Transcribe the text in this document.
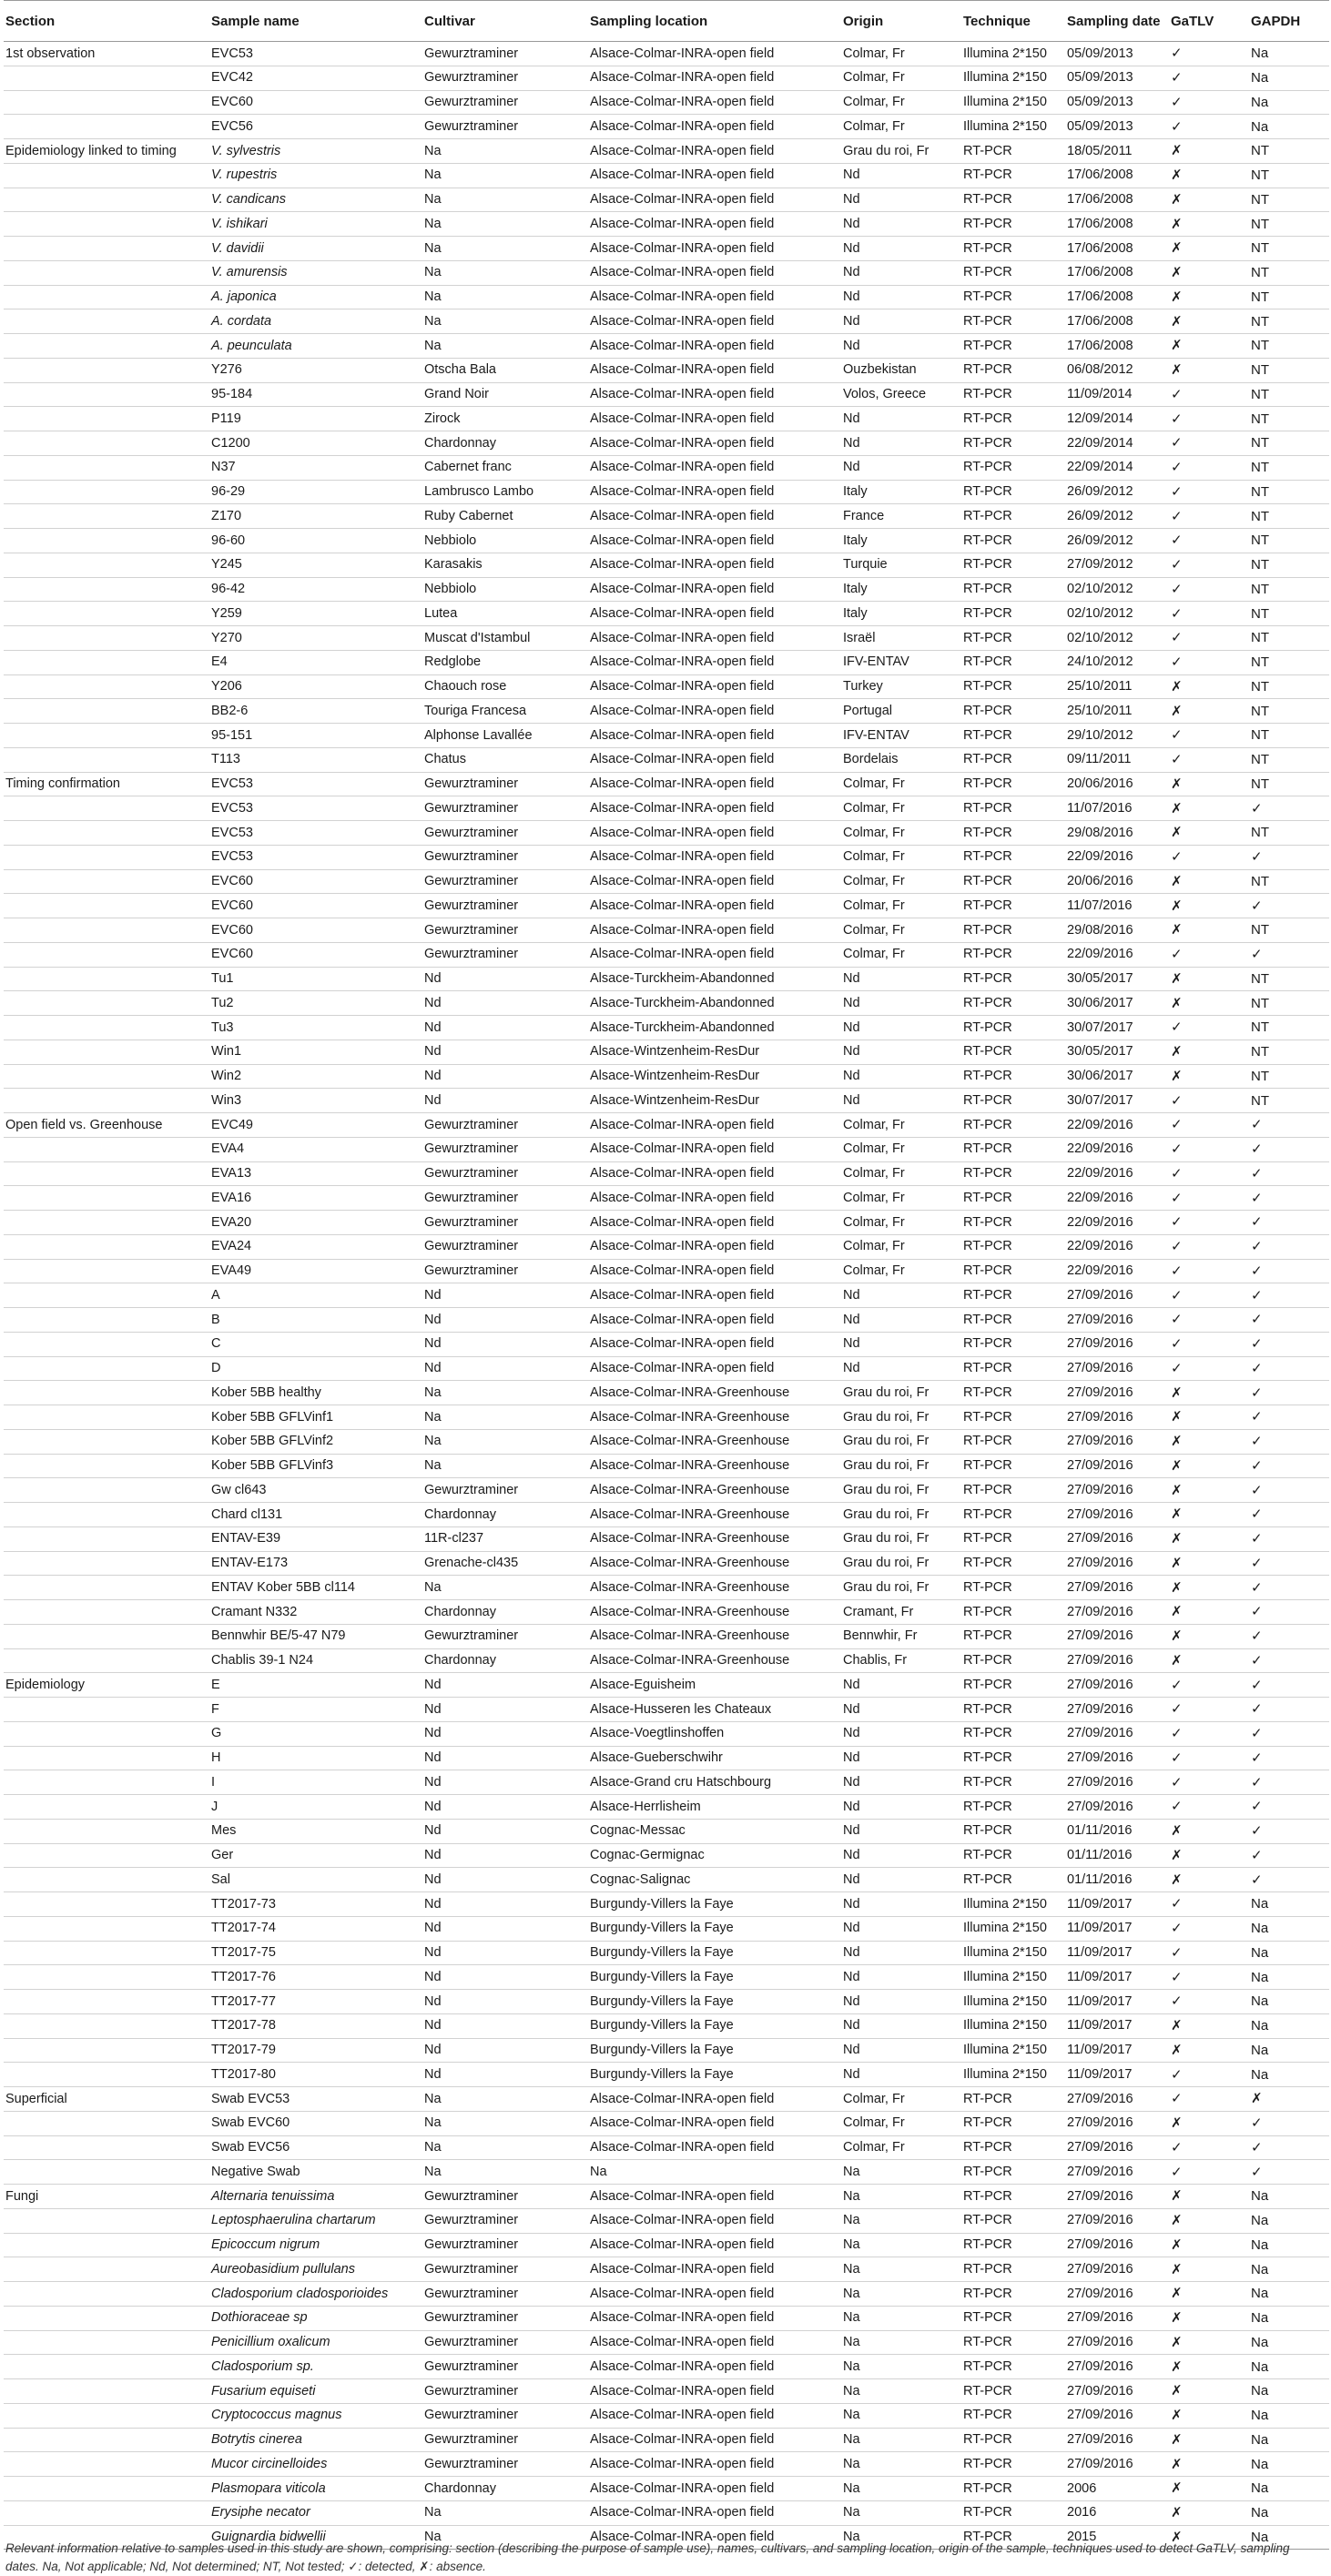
Section	Sample name	Cultivar	Sampling location	Origin	Technique	Sampling date	GaTLV	GAPDH
1st observation	EVC53	Gewurztraminer	Alsace-Colmar-INRA-open field	Colmar, Fr	Illumina 2*150	05/09/2013	✓	Na
	EVC42	Gewurztraminer	Alsace-Colmar-INRA-open field	Colmar, Fr	Illumina 2*150	05/09/2013	✓	Na
	EVC60	Gewurztraminer	Alsace-Colmar-INRA-open field	Colmar, Fr	Illumina 2*150	05/09/2013	✓	Na
	EVC56	Gewurztraminer	Alsace-Colmar-INRA-open field	Colmar, Fr	Illumina 2*150	05/09/2013	✓	Na
Epidemiology linked to timing	V. sylvestris	Na	Alsace-Colmar-INRA-open field	Grau du roi, Fr	RT-PCR	18/05/2011	✗	NT
	V. rupestris	Na	Alsace-Colmar-INRA-open field	Nd	RT-PCR	17/06/2008	✗	NT
	V. candicans	Na	Alsace-Colmar-INRA-open field	Nd	RT-PCR	17/06/2008	✗	NT
	V. ishikari	Na	Alsace-Colmar-INRA-open field	Nd	RT-PCR	17/06/2008	✗	NT
	V. davidii	Na	Alsace-Colmar-INRA-open field	Nd	RT-PCR	17/06/2008	✗	NT
	V. amurensis	Na	Alsace-Colmar-INRA-open field	Nd	RT-PCR	17/06/2008	✗	NT
	A. japonica	Na	Alsace-Colmar-INRA-open field	Nd	RT-PCR	17/06/2008	✗	NT
	A. cordata	Na	Alsace-Colmar-INRA-open field	Nd	RT-PCR	17/06/2008	✗	NT
	A. peunculata	Na	Alsace-Colmar-INRA-open field	Nd	RT-PCR	17/06/2008	✗	NT
	Y276	Otscha Bala	Alsace-Colmar-INRA-open field	Ouzbekistan	RT-PCR	06/08/2012	✗	NT
	95-184	Grand Noir	Alsace-Colmar-INRA-open field	Volos, Greece	RT-PCR	11/09/2014	✓	NT
	P119	Zirock	Alsace-Colmar-INRA-open field	Nd	RT-PCR	12/09/2014	✓	NT
	C1200	Chardonnay	Alsace-Colmar-INRA-open field	Nd	RT-PCR	22/09/2014	✓	NT
	N37	Cabernet franc	Alsace-Colmar-INRA-open field	Nd	RT-PCR	22/09/2014	✓	NT
	96-29	Lambrusco Lambo	Alsace-Colmar-INRA-open field	Italy	RT-PCR	26/09/2012	✓	NT
	Z170	Ruby Cabernet	Alsace-Colmar-INRA-open field	France	RT-PCR	26/09/2012	✓	NT
	96-60	Nebbiolo	Alsace-Colmar-INRA-open field	Italy	RT-PCR	26/09/2012	✓	NT
	Y245	Karasakis	Alsace-Colmar-INRA-open field	Turquie	RT-PCR	27/09/2012	✓	NT
	96-42	Nebbiolo	Alsace-Colmar-INRA-open field	Italy	RT-PCR	02/10/2012	✓	NT
	Y259	Lutea	Alsace-Colmar-INRA-open field	Italy	RT-PCR	02/10/2012	✓	NT
	Y270	Muscat d'Istambul	Alsace-Colmar-INRA-open field	Israël	RT-PCR	02/10/2012	✓	NT
	E4	Redglobe	Alsace-Colmar-INRA-open field	IFV-ENTAV	RT-PCR	24/10/2012	✓	NT
	Y206	Chaouch rose	Alsace-Colmar-INRA-open field	Turkey	RT-PCR	25/10/2011	✗	NT
	BB2-6	Touriga Francesa	Alsace-Colmar-INRA-open field	Portugal	RT-PCR	25/10/2011	✗	NT
	95-151	Alphonse Lavallée	Alsace-Colmar-INRA-open field	IFV-ENTAV	RT-PCR	29/10/2012	✓	NT
	T113	Chatus	Alsace-Colmar-INRA-open field	Bordelais	RT-PCR	09/11/2011	✓	NT
Timing confirmation	EVC53	Gewurztraminer	Alsace-Colmar-INRA-open field	Colmar, Fr	RT-PCR	20/06/2016	✗	NT
	EVC53	Gewurztraminer	Alsace-Colmar-INRA-open field	Colmar, Fr	RT-PCR	11/07/2016	✗	✓
	EVC53	Gewurztraminer	Alsace-Colmar-INRA-open field	Colmar, Fr	RT-PCR	29/08/2016	✗	NT
	EVC53	Gewurztraminer	Alsace-Colmar-INRA-open field	Colmar, Fr	RT-PCR	22/09/2016	✓	✓
	EVC60	Gewurztraminer	Alsace-Colmar-INRA-open field	Colmar, Fr	RT-PCR	20/06/2016	✗	NT
	EVC60	Gewurztraminer	Alsace-Colmar-INRA-open field	Colmar, Fr	RT-PCR	11/07/2016	✗	✓
	EVC60	Gewurztraminer	Alsace-Colmar-INRA-open field	Colmar, Fr	RT-PCR	29/08/2016	✗	NT
	EVC60	Gewurztraminer	Alsace-Colmar-INRA-open field	Colmar, Fr	RT-PCR	22/09/2016	✓	✓
	Tu1	Nd	Alsace-Turckheim-Abandonned	Nd	RT-PCR	30/05/2017	✗	NT
	Tu2	Nd	Alsace-Turckheim-Abandonned	Nd	RT-PCR	30/06/2017	✗	NT
	Tu3	Nd	Alsace-Turckheim-Abandonned	Nd	RT-PCR	30/07/2017	✓	NT
	Win1	Nd	Alsace-Wintzenheim-ResDur	Nd	RT-PCR	30/05/2017	✗	NT
	Win2	Nd	Alsace-Wintzenheim-ResDur	Nd	RT-PCR	30/06/2017	✗	NT
	Win3	Nd	Alsace-Wintzenheim-ResDur	Nd	RT-PCR	30/07/2017	✓	NT
Open field vs. Greenhouse	EVC49	Gewurztraminer	Alsace-Colmar-INRA-open field	Colmar, Fr	RT-PCR	22/09/2016	✓	✓
	EVA4	Gewurztraminer	Alsace-Colmar-INRA-open field	Colmar, Fr	RT-PCR	22/09/2016	✓	✓
	EVA13	Gewurztraminer	Alsace-Colmar-INRA-open field	Colmar, Fr	RT-PCR	22/09/2016	✓	✓
	EVA16	Gewurztraminer	Alsace-Colmar-INRA-open field	Colmar, Fr	RT-PCR	22/09/2016	✓	✓
	EVA20	Gewurztraminer	Alsace-Colmar-INRA-open field	Colmar, Fr	RT-PCR	22/09/2016	✓	✓
	EVA24	Gewurztraminer	Alsace-Colmar-INRA-open field	Colmar, Fr	RT-PCR	22/09/2016	✓	✓
	EVA49	Gewurztraminer	Alsace-Colmar-INRA-open field	Colmar, Fr	RT-PCR	22/09/2016	✓	✓
	A	Nd	Alsace-Colmar-INRA-open field	Nd	RT-PCR	27/09/2016	✓	✓
	B	Nd	Alsace-Colmar-INRA-open field	Nd	RT-PCR	27/09/2016	✓	✓
	C	Nd	Alsace-Colmar-INRA-open field	Nd	RT-PCR	27/09/2016	✓	✓
	D	Nd	Alsace-Colmar-INRA-open field	Nd	RT-PCR	27/09/2016	✓	✓
	Kober 5BB healthy	Na	Alsace-Colmar-INRA-Greenhouse	Grau du roi, Fr	RT-PCR	27/09/2016	✗	✓
	Kober 5BB GFLVinf1	Na	Alsace-Colmar-INRA-Greenhouse	Grau du roi, Fr	RT-PCR	27/09/2016	✗	✓
	Kober 5BB GFLVinf2	Na	Alsace-Colmar-INRA-Greenhouse	Grau du roi, Fr	RT-PCR	27/09/2016	✗	✓
	Kober 5BB GFLVinf3	Na	Alsace-Colmar-INRA-Greenhouse	Grau du roi, Fr	RT-PCR	27/09/2016	✗	✓
	Gw cl643	Gewurztraminer	Alsace-Colmar-INRA-Greenhouse	Grau du roi, Fr	RT-PCR	27/09/2016	✗	✓
	Chard cl131	Chardonnay	Alsace-Colmar-INRA-Greenhouse	Grau du roi, Fr	RT-PCR	27/09/2016	✗	✓
	ENTAV-E39	11R-cl237	Alsace-Colmar-INRA-Greenhouse	Grau du roi, Fr	RT-PCR	27/09/2016	✗	✓
	ENTAV-E173	Grenache-cl435	Alsace-Colmar-INRA-Greenhouse	Grau du roi, Fr	RT-PCR	27/09/2016	✗	✓
	ENTAV Kober 5BB cl114	Na	Alsace-Colmar-INRA-Greenhouse	Grau du roi, Fr	RT-PCR	27/09/2016	✗	✓
	Cramant N332	Chardonnay	Alsace-Colmar-INRA-Greenhouse	Cramant, Fr	RT-PCR	27/09/2016	✗	✓
	Bennwhir BE/5-47 N79	Gewurztraminer	Alsace-Colmar-INRA-Greenhouse	Bennwhir, Fr	RT-PCR	27/09/2016	✗	✓
	Chablis 39-1 N24	Chardonnay	Alsace-Colmar-INRA-Greenhouse	Chablis, Fr	RT-PCR	27/09/2016	✗	✓
Epidemiology	E	Nd	Alsace-Eguisheim	Nd	RT-PCR	27/09/2016	✓	✓
	F	Nd	Alsace-Husseren les Chateaux	Nd	RT-PCR	27/09/2016	✓	✓
	G	Nd	Alsace-Voegtlinshoffen	Nd	RT-PCR	27/09/2016	✓	✓
	H	Nd	Alsace-Gueberschwihr	Nd	RT-PCR	27/09/2016	✓	✓
	I	Nd	Alsace-Grand cru Hatschbourg	Nd	RT-PCR	27/09/2016	✓	✓
	J	Nd	Alsace-Herrlisheim	Nd	RT-PCR	27/09/2016	✓	✓
	Mes	Nd	Cognac-Messac	Nd	RT-PCR	01/11/2016	✗	✓
	Ger	Nd	Cognac-Germignac	Nd	RT-PCR	01/11/2016	✗	✓
	Sal	Nd	Cognac-Salignac	Nd	RT-PCR	01/11/2016	✗	✓
	TT2017-73	Nd	Burgundy-Villers la Faye	Nd	Illumina 2*150	11/09/2017	✓	Na
	TT2017-74	Nd	Burgundy-Villers la Faye	Nd	Illumina 2*150	11/09/2017	✓	Na
	TT2017-75	Nd	Burgundy-Villers la Faye	Nd	Illumina 2*150	11/09/2017	✓	Na
	TT2017-76	Nd	Burgundy-Villers la Faye	Nd	Illumina 2*150	11/09/2017	✓	Na
	TT2017-77	Nd	Burgundy-Villers la Faye	Nd	Illumina 2*150	11/09/2017	✓	Na
	TT2017-78	Nd	Burgundy-Villers la Faye	Nd	Illumina 2*150	11/09/2017	✗	Na
	TT2017-79	Nd	Burgundy-Villers la Faye	Nd	Illumina 2*150	11/09/2017	✗	Na
	TT2017-80	Nd	Burgundy-Villers la Faye	Nd	Illumina 2*150	11/09/2017	✓	Na
Superficial	Swab EVC53	Na	Alsace-Colmar-INRA-open field	Colmar, Fr	RT-PCR	27/09/2016	✓	✗
	Swab EVC60	Na	Alsace-Colmar-INRA-open field	Colmar, Fr	RT-PCR	27/09/2016	✗	✓
	Swab EVC56	Na	Alsace-Colmar-INRA-open field	Colmar, Fr	RT-PCR	27/09/2016	✓	✓
	Negative Swab	Na	Na	Na	RT-PCR	27/09/2016	✓	✓
Fungi	Alternaria tenuissima	Gewurztraminer	Alsace-Colmar-INRA-open field	Na	RT-PCR	27/09/2016	✗	Na
	Leptosphaerulina chartarum	Gewurztraminer	Alsace-Colmar-INRA-open field	Na	RT-PCR	27/09/2016	✗	Na
	Epicoccum nigrum	Gewurztraminer	Alsace-Colmar-INRA-open field	Na	RT-PCR	27/09/2016	✗	Na
	Aureobasidium pullulans	Gewurztraminer	Alsace-Colmar-INRA-open field	Na	RT-PCR	27/09/2016	✗	Na
	Cladosporium cladosporioides	Gewurztraminer	Alsace-Colmar-INRA-open field	Na	RT-PCR	27/09/2016	✗	Na
	Dothioraceae sp	Gewurztraminer	Alsace-Colmar-INRA-open field	Na	RT-PCR	27/09/2016	✗	Na
	Penicillium oxalicum	Gewurztraminer	Alsace-Colmar-INRA-open field	Na	RT-PCR	27/09/2016	✗	Na
	Cladosporium sp.	Gewurztraminer	Alsace-Colmar-INRA-open field	Na	RT-PCR	27/09/2016	✗	Na
	Fusarium equiseti	Gewurztraminer	Alsace-Colmar-INRA-open field	Na	RT-PCR	27/09/2016	✗	Na
	Cryptococcus magnus	Gewurztraminer	Alsace-Colmar-INRA-open field	Na	RT-PCR	27/09/2016	✗	Na
	Botrytis cinerea	Gewurztraminer	Alsace-Colmar-INRA-open field	Na	RT-PCR	27/09/2016	✗	Na
	Mucor circinelloides	Gewurztraminer	Alsace-Colmar-INRA-open field	Na	RT-PCR	27/09/2016	✗	Na
	Plasmopara viticola	Chardonnay	Alsace-Colmar-INRA-open field	Na	RT-PCR	2006	✗	Na
	Erysiphe necator	Na	Alsace-Colmar-INRA-open field	Na	RT-PCR	2016	✗	Na
	Guignardia bidwellii	Na	Alsace-Colmar-INRA-open field	Na	RT-PCR	2015	✗	Na
Relevant information relative to samples used in this study are shown, comprising: section (describing the purpose of sample use), names, cultivars, and sampling location, origin of the sample, techniques used to detect GaTLV, sampling
dates. Na, Not applicable; Nd, Not determined; NT, Not tested; ✓: detected, ✗: absence.
